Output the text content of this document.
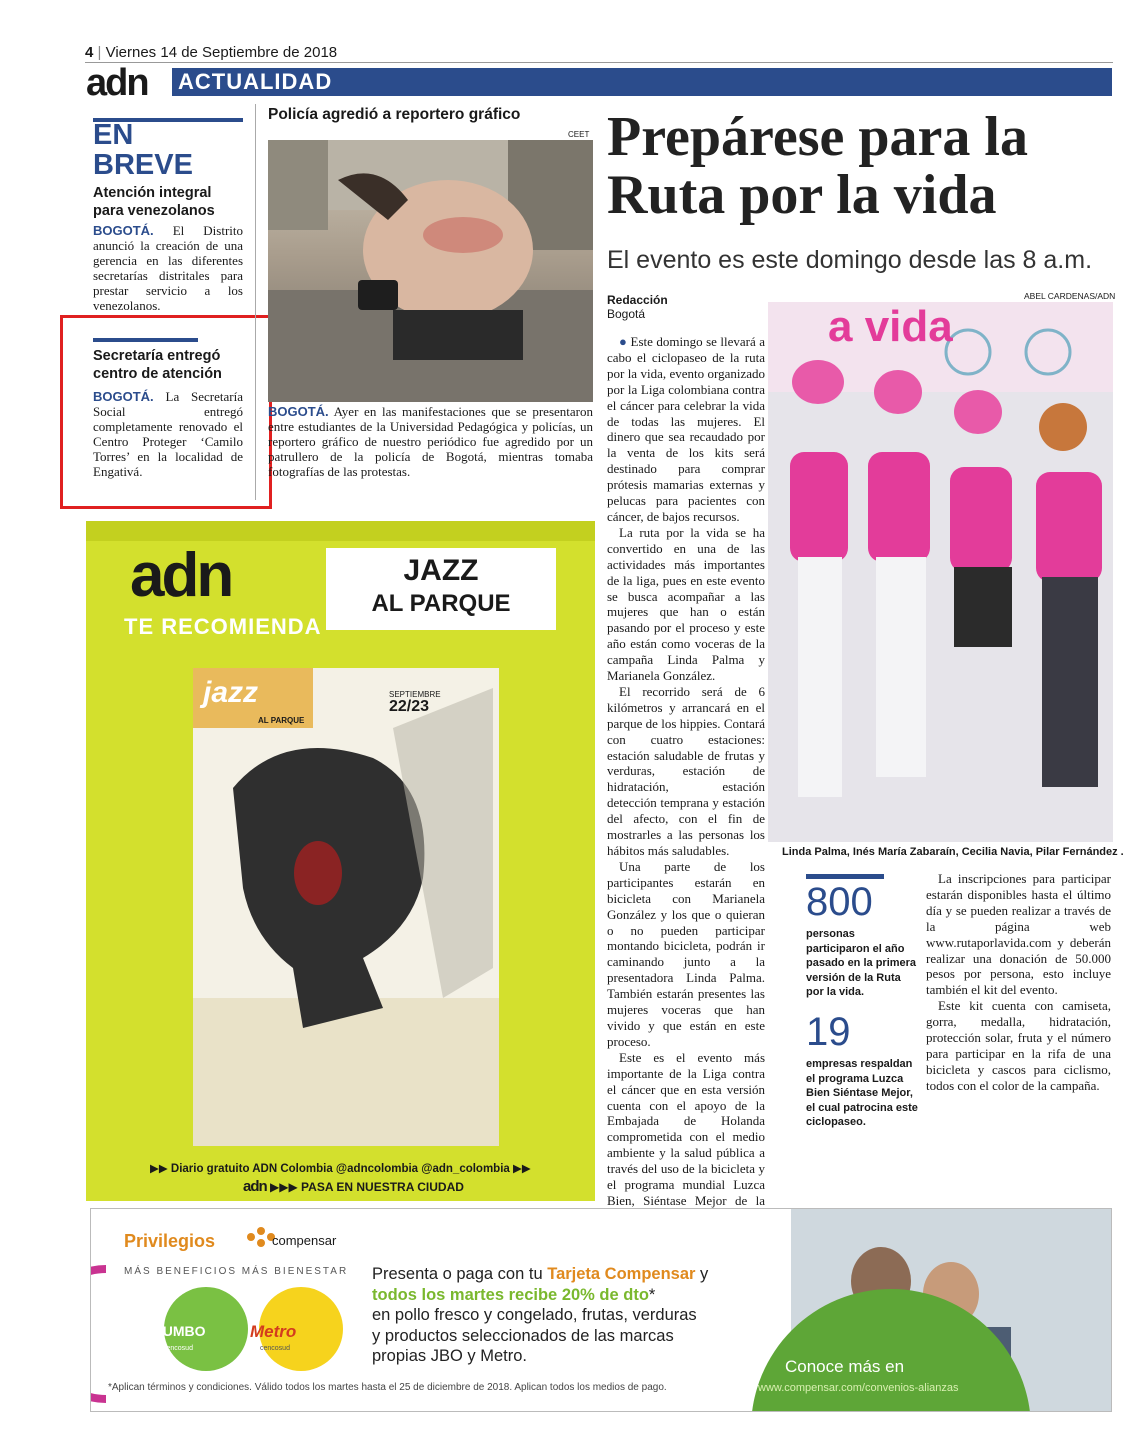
4 | Viernes 14 de Septiembre de 2018
adn ACTUALIDAD
EN
BREVE
Atención integral para venezolanos
BOGOTÁ. El Distrito anunció la creación de una gerencia en las diferentes secretarías distritales para prestar servicio a los venezolanos.
Secretaría entregó centro de atención
BOGOTÁ. La Secretaría Social entregó completamente renovado el Centro Proteger ‘Camilo Torres’ en la localidad de Engativá.
Policía agredió a reportero gráfico
CEET
BOGOTÁ. Ayer en las manifestaciones que se presentaron entre estudiantes de la Universidad Pedagógica y policías, un reportero gráfico de nuestro periódico fue agredido por un patrullero de la policía de Bogotá, mientras tomaba fotografías de las protestas.
Prepárese para la
Ruta por la vida
El evento es este domingo desde las 8 a.m.
Redacción
Bogotá
ABEL CARDENAS/ADN
a vida
Linda Palma, Inés María Zabaraín, Cecilia Navia, Pilar Fernández .

● Este domingo se llevará a cabo el ciclopaseo de la ruta por la vida, evento organizado por la Liga colombiana contra el cáncer para celebrar la vida de todas las mujeres. El dinero que sea recaudado por la venta de los kits será destinado para comprar prótesis mamarias externas y pelucas para pacientes con cáncer, de bajos recursos.

La ruta por la vida se ha convertido en una de las actividades más importantes de la liga, pues en este evento se busca acompañar a las mujeres que han o están pasando por el proceso y este año están como voceras de la campaña Linda Palma y Marianela González.

El recorrido será de 6 kilómetros y arrancará en el parque de los hippies. Contará con cuatro estaciones: estación saludable de frutas y verduras, estación de hidratación, estación detección temprana y estación del afecto, con el fin de mostrarles a las personas los hábitos más saludables.

Una parte de los participantes estarán en bicicleta con Marianela González y los que o quieran o no pueden participar montando bicicleta, podrán ir caminando junto a la presentadora Linda Palma. También estarán presentes las mujeres voceras que han vivido y que están en este proceso.

Este es el evento más importante de la Liga contra el cáncer que en esta versión cuenta con el apoyo de la Embajada de Holanda comprometida con el medio ambiente y la salud pública a través del uso de la bicicleta y el programa mundial Luzca Bien, Siéntase Mejor de la

800
personas participaron el año pasado en la primera versión de la Ruta por la vida.
19
empresas respaldan el programa Luzca Bien Siéntase Mejor, el cual patrocina este ciclopaseo.

La inscripciones para participar estarán disponibles hasta el último día y se pueden realizar a través de la página web www.rutaporlavida.com y deberán realizar una donación de 50.000 pesos por persona, esto incluye también el kit del evento.

Este kit cuenta con camiseta, gorra, medalla, hidratación, protección solar, fruta y el número para participar en la rifa de una bicicleta y cascos para ciclismo, todos con el color de la campaña.

adn
TE RECOMIENDA
JAZZ
AL PARQUE
jazz
AL PARQUE
SEPTIEMBRE
22/23
▶▶ Diario gratuito ADN Colombia @adncolombia @adn_colombia ▶▶
adn ▶▶▶ PASA EN NUESTRA CIUDAD
Privilegios	compensar
MÁS BENEFICIOS MÁS BIENESTAR
JUMBO
cencosud
Metro
cencosud
Presenta o paga con tu Tarjeta Compensar y
todos los martes recibe 20% de dto*
en pollo fresco y congelado, frutas, verduras
y productos seleccionados de las marcas
propias JBO y Metro.
*Aplican términos y condiciones. Válido todos los martes hasta el 25 de diciembre de 2018. Aplican todos los medios de pago.
Conoce más en
www.compensar.com/convenios-alianzas
